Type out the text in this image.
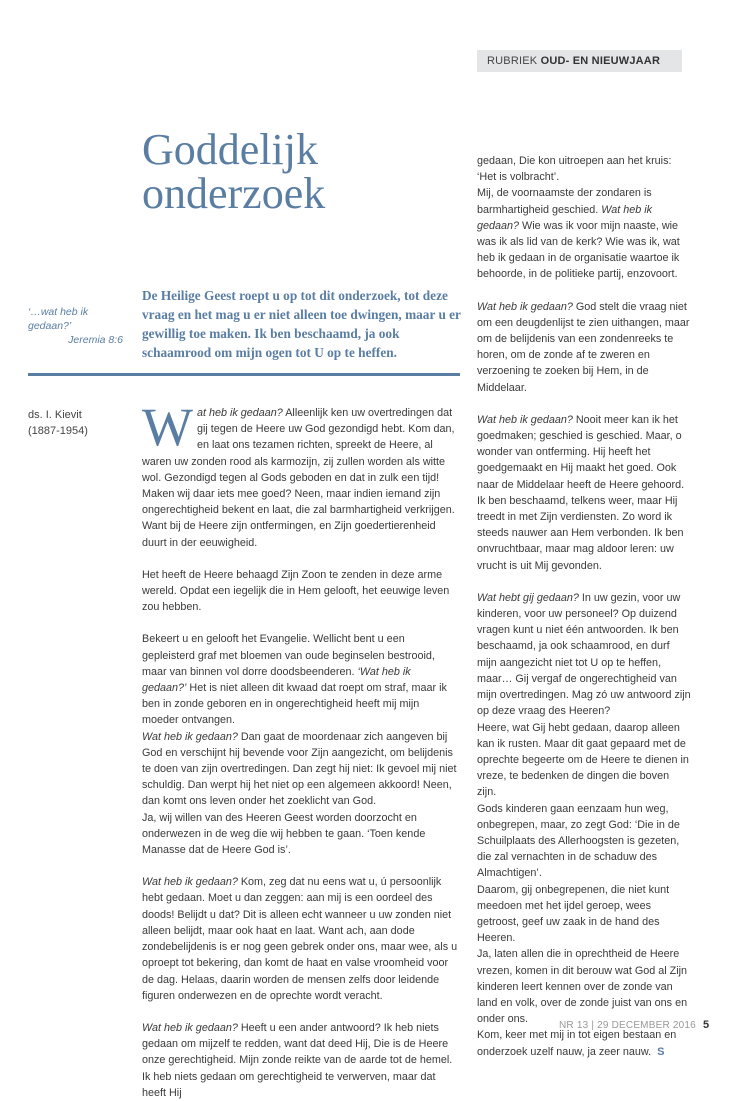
RUBRIEK OUD- EN NIEUWJAAR
Goddelijk
onderzoek

De Heilige Geest roept u op tot dit onderzoek, tot deze vraag en het mag u er niet alleen toe dwingen, maar u er gewillig toe maken. Ik ben beschaamd, ja ook schaamrood om mijn ogen tot U op te heffen.

‘…wat heb ik gedaan?’
Jeremia 8:6

ds. I. Kievit
(1887-1954) Wat heb ik gedaan? Alleenlijk ken uw overtredingen dat gij tegen de Heere uw God gezondigd hebt. Kom dan, en laat ons tezamen richten, spreekt de Heere, al waren uw zonden rood als karmozijn, zij zullen worden als witte wol. Gezondigd tegen al Gods geboden en dat in zulk een tijd! Maken wij daar iets mee goed? Neen, maar indien iemand zijn ongerechtigheid bekent en laat, die zal barmhartigheid verkrijgen. Want bij de Heere zijn ontfermingen, en Zijn goedertierenheid duurt in der eeuwigheid.

Het heeft de Heere behaagd Zijn Zoon te zenden in deze arme wereld. Opdat een iegelijk die in Hem gelooft, het eeuwige leven zou hebben.

Bekeert u en gelooft het Evangelie. Wellicht bent u een gepleisterd graf met bloemen van oude beginselen bestrooid, maar van binnen vol dorre doodsbeenderen. ‘Wat heb ik gedaan?’ Het is niet alleen dit kwaad dat roept om straf, maar ik ben in zonde geboren en in ongerechtigheid heeft mij mijn moeder ontvangen.

Wat heb ik gedaan? Dan gaat de moordenaar zich aangeven bij God en verschijnt hij bevende voor Zijn aangezicht, om belijdenis te doen van zijn overtredingen. Dan zegt hij niet: Ik gevoel mij niet schuldig. Dan werpt hij het niet op een algemeen akkoord! Neen, dan komt ons leven onder het zoeklicht van God.

Ja, wij willen van des Heeren Geest worden doorzocht en onderwezen in de weg die wij hebben te gaan. ‘Toen kende Manasse dat de Heere God is’.

Wat heb ik gedaan? Kom, zeg dat nu eens wat u, ú persoonlijk hebt gedaan. Moet u dan zeggen: aan mij is een oordeel des doods! Belijdt u dat? Dit is alleen echt wanneer u uw zonden niet alleen belijdt, maar ook haat en laat. Want ach, aan dode zondebelijdenis is er nog geen gebrek onder ons, maar wee, als u oproept tot bekering, dan komt de haat en valse vroomheid voor de dag. Helaas, daarin worden de mensen zelfs door leidende figuren onderwezen en de oprechte wordt veracht.

Wat heb ik gedaan? Heeft u een ander antwoord? Ik heb niets gedaan om mijzelf te redden, want dat deed Hij, Die is de Heere onze gerechtigheid. Mijn zonde reikte van de aarde tot de hemel. Ik heb niets gedaan om gerechtigheid te verwerven, maar dat heeft Hij

gedaan, Die kon uitroepen aan het kruis: ‘Het is volbracht’.

Mij, de voornaamste der zondaren is barmhartigheid geschied. Wat heb ik gedaan? Wie was ik voor mijn naaste, wie was ik als lid van de kerk? Wie was ik, wat heb ik gedaan in de organisatie waartoe ik behoorde, in de politieke partij, enzovoort.

Wat heb ik gedaan? God stelt die vraag niet om een deugdenlijst te zien uithangen, maar om de belijdenis van een zondenreeks te horen, om de zonde af te zweren en verzoening te zoeken bij Hem, in de Middelaar.

Wat heb ik gedaan? Nooit meer kan ik het goedmaken; geschied is geschied. Maar, o wonder van ontferming. Hij heeft het goedgemaakt en Hij maakt het goed. Ook naar de Middelaar heeft de Heere gehoord.

Ik ben beschaamd, telkens weer, maar Hij treedt in met Zijn verdiensten. Zo word ik steeds nauwer aan Hem verbonden. Ik ben onvruchtbaar, maar mag aldoor leren: uw vrucht is uit Mij gevonden.

Wat hebt gij gedaan? In uw gezin, voor uw kinderen, voor uw personeel? Op duizend vragen kunt u niet één antwoorden. Ik ben beschaamd, ja ook schaamrood, en durf mijn aangezicht niet tot U op te heffen, maar… Gij vergaf de ongerechtigheid van mijn overtredingen. Mag zó uw antwoord zijn op deze vraag des Heeren?

Heere, wat Gij hebt gedaan, daarop alleen kan ik rusten. Maar dit gaat gepaard met de oprechte begeerte om de Heere te dienen in vreze, te bedenken de dingen die boven zijn.

Gods kinderen gaan eenzaam hun weg, onbegrepen, maar, zo zegt God: ‘Die in de Schuilplaats des Allerhoogsten is gezeten, die zal vernachten in de schaduw des Almachtigen’.

Daarom, gij onbegrepenen, die niet kunt meedoen met het ijdel geroep, wees getroost, geef uw zaak in de hand des Heeren.

Ja, laten allen die in oprechtheid de Heere vrezen, komen in dit berouw wat God al Zijn kinderen leert kennen over de zonde van land en volk, over de zonde juist van ons en onder ons.

Kom, keer met mij in tot eigen bestaan en onderzoek uzelf nauw, ja zeer nauw. S

NR 13 | 29 DECEMBER 2016 5
